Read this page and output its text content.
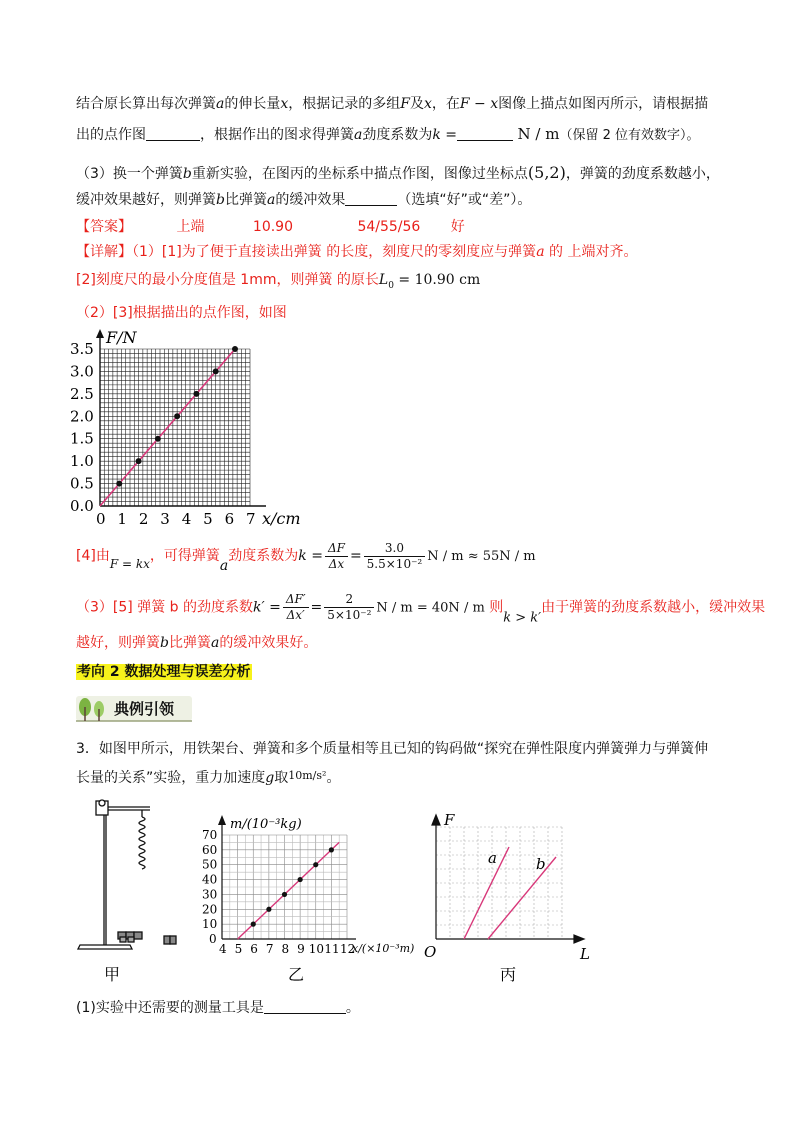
结合原长算出每次弹簧a的伸长量x，根据记录的多组F及x，在F − x图像上描点如图丙所示，请根据描
出的点作图	，根据作出的图求得弹簧a劲度系数为k =	N / m（保留 2 位有效数字）。
（3）换一个弹簧b重新实验，在图丙的坐标系中描点作图，图像过坐标点(5,2)，弹簧的劲度系数越小，
缓冲效果越好，则弹簧b比弹簧a的缓冲效果	（选填“好”或“差”）。
【答案】	上端	10.90	54/55/56 好
【详解】（1）[1]为了便于直接读出弹簧 的长度，刻度尺的零刻度应与弹簧a 的 上端对齐。
[2]刻度尺的最小分度值是 1mm，则弹簧 的原长$L_0 = 10.90$ cm
（2）[3]根据描出的点作图，如图
0.0
0.5
1.0
1.5
2.0
2.5
3.0
3.5
0 1 2 3 4 5 6 7
F/N
x/cm
[4]由F = kx，可得弹簧a劲度系数为$k = \frac{\Delta F}{\Delta x} = \frac{3.0}{\text{5.5×10⁻²}}$ N / m ≈ 55N / m
（3）[5] 弹簧 b 的劲度系数$k' = \frac{\Delta F'}{\Delta x'} = \frac{2}{\text{5×10⁻²}}$ N / m = 40N / m 则k > k′由于弹簧的劲度系数越小，缓冲效果
越好，则弹簧b比弹簧a的缓冲效果好。
考向 2 数据处理与误差分析
典例引领
3．如图甲所示，用铁架台、弹簧和多个质量相等且已知的钩码做“探究在弹性限度内弹簧弹力与弹簧伸
长量的关系”实验，重力加速度g取$^{10m/s^2}$。
甲
0
10
20
30
40
50
60
70
4 5 6 7 8 9 10 11 12
m/(10⁻³kg)
x/(×10⁻³m)
乙
F
L
O
a	b
丙
(1)实验中还需要的测量工具是	。
